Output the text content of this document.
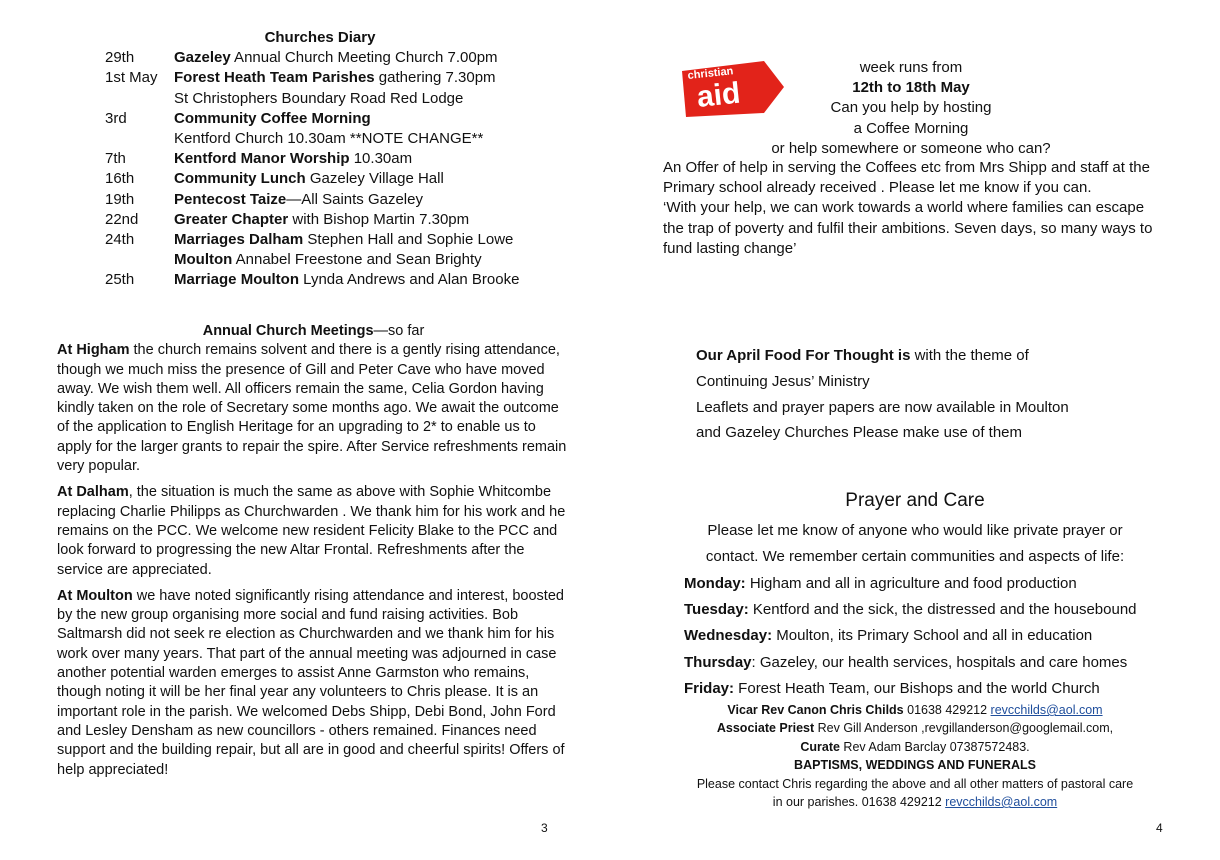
Churches Diary
29th	Gazeley Annual Church Meeting Church 7.00pm
1st May	Forest Heath Team Parishes gathering 7.30pm
St Christophers Boundary Road Red Lodge
3rd	Community Coffee Morning
Kentford Church 10.30am **NOTE CHANGE**
7th	Kentford Manor Worship 10.30am
16th	Community Lunch Gazeley Village Hall
19th	Pentecost Taize—All Saints Gazeley
22nd	Greater Chapter with Bishop Martin 7.30pm
24th	Marriages Dalham Stephen Hall and Sophie Lowe
Moulton Annabel Freestone and Sean Brighty
25th	Marriage Moulton Lynda Andrews and Alan Brooke
Annual Church Meetings—so far

At Higham the church remains solvent and there is a gently rising attendance, though we much miss the presence of Gill and Peter Cave who have moved away. We wish them well. All officers remain the same, Celia Gordon having kindly taken on the role of Secretary some months ago. We await the outcome of the application to English Heritage for an upgrading to 2* to enable us to apply for the larger grants to repair the spire. After Service refreshments remain very popular.

At Dalham, the situation is much the same as above with Sophie Whitcombe replacing Charlie Philipps as Churchwarden . We thank him for his work and he remains on the PCC. We welcome new resident Felicity Blake to the PCC and look forward to progressing the new Altar Frontal. Refreshments after the service are appreciated.

At Moulton we have noted significantly rising attendance and interest, boosted by the new group organising more social and fund raising activities. Bob Saltmarsh did not seek re election as Churchwarden and we thank him for his work over many years. That part of the annual meeting was adjourned in case another potential warden emerges to assist Anne Garmston who remains, though noting it will be her final year any volunteers to Chris please. It is an important role in the parish. We welcomed Debs Shipp, Debi Bond, John Ford and Lesley Densham as new councillors - others remained. Finances need support and the building repair, but all are in good and cheerful spirits! Offers of help appreciated!

3
christian
aid
week runs from
12th to 18th May
Can you help by hosting
a Coffee Morning
or help somewhere or someone who can?
An Offer of help in serving the Coffees etc from Mrs Shipp and staff at the Primary school already received . Please let me know if you can.
‘With your help, we can work towards a world where families can escape the trap of poverty and fulfil their ambitions. Seven days, so many ways to fund lasting change’
Our April Food For Thought is with the theme of
Continuing Jesus’ Ministry
Leaflets and prayer papers are now available in Moulton
and Gazeley Churches Please make use of them
Prayer and Care
Please let me know of anyone who would like private prayer or
contact. We remember certain communities and aspects of life:
Monday: Higham and all in agriculture and food production
Tuesday: Kentford and the sick, the distressed and the housebound
Wednesday: Moulton, its Primary School and all in education
Thursday: Gazeley, our health services, hospitals and care homes
Friday: Forest Heath Team, our Bishops and the world Church
Vicar Rev Canon Chris Childs 01638 429212 revcchilds@aol.com
Associate Priest Rev Gill Anderson ,revgillanderson@googlemail.com,
Curate Rev Adam Barclay 07387572483.
BAPTISMS, WEDDINGS AND FUNERALS
Please contact Chris regarding the above and all other matters of pastoral care in our parishes. 01638 429212 revcchilds@aol.com
4
